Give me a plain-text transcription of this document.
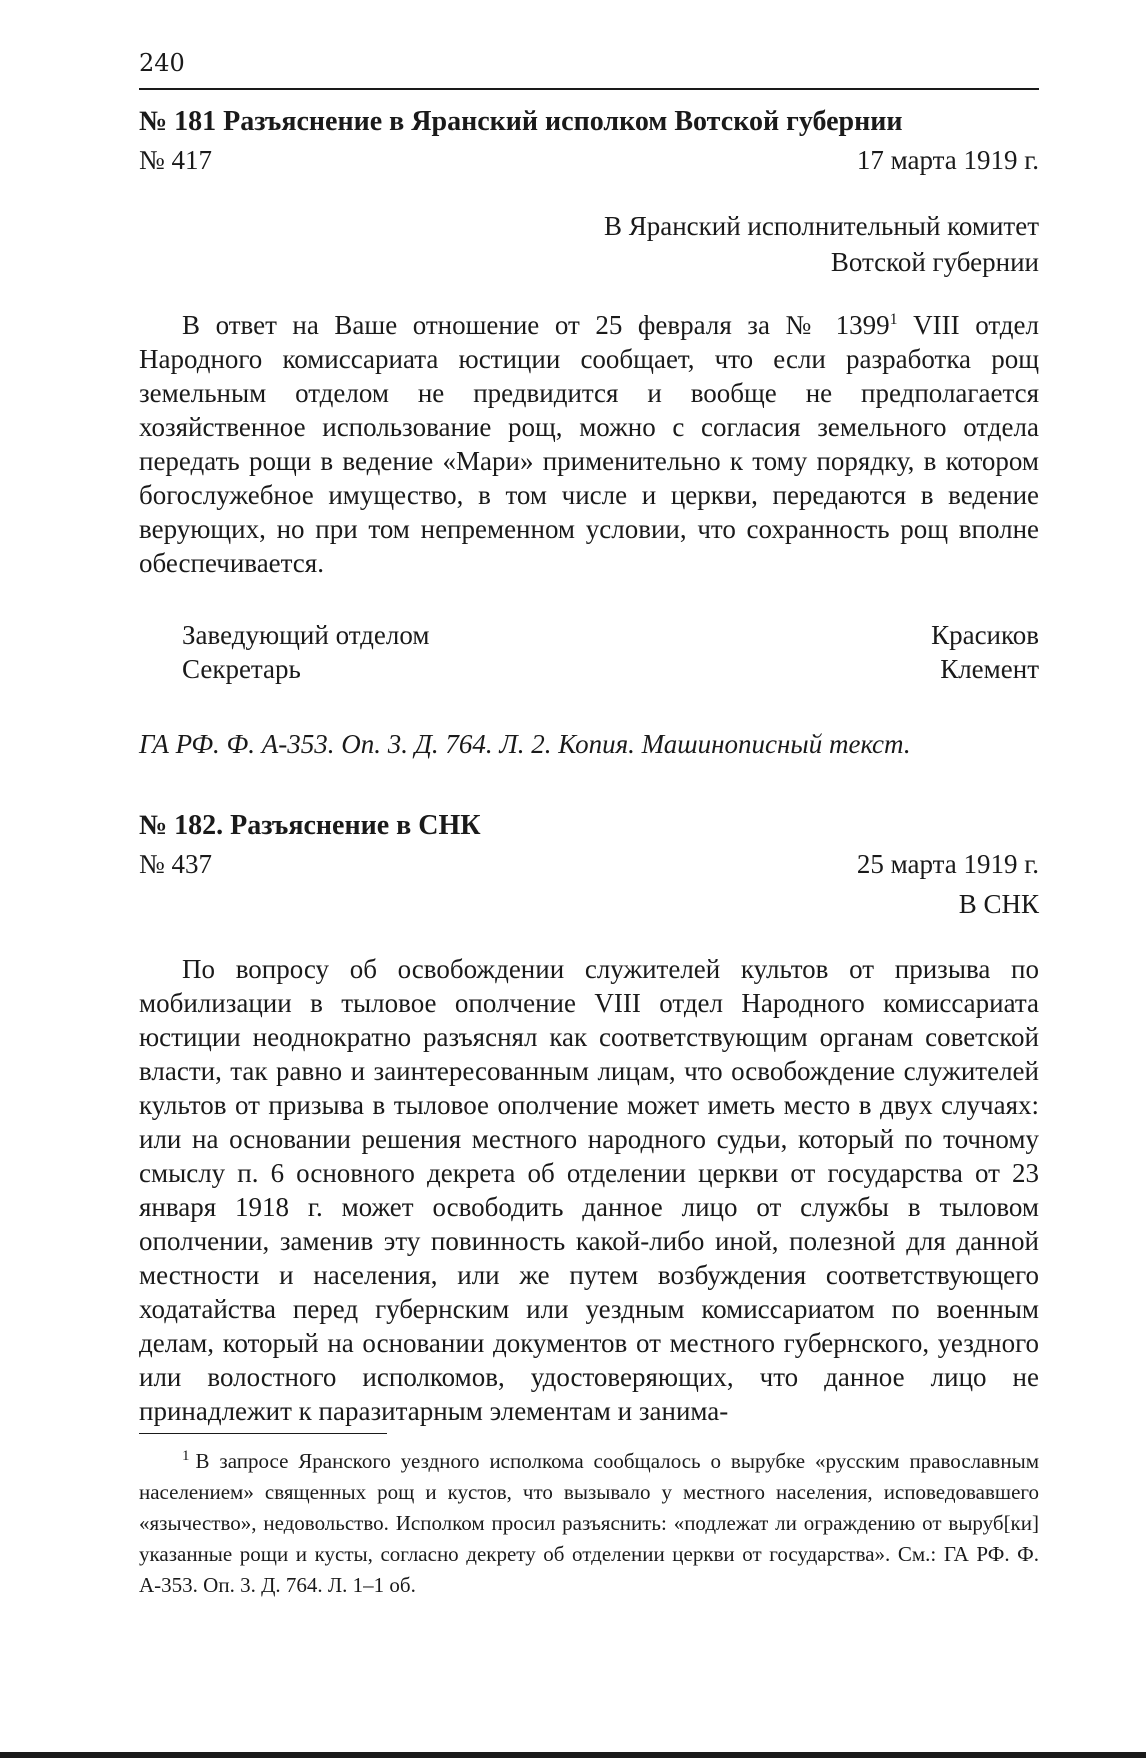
240
№ 181 Разъяснение в Яранский исполком Вотской губернии
№ 417	17 марта 1919 г.
В Яранский исполнительный комитет
Вотской губернии

В ответ на Ваше отношение от 25 февраля за № 1399$^1$ VIII отдел Народного комиссариата юстиции сообщает, что если разработка рощ земельным отделом не предвидится и вообще не предполагается хозяйственное использование рощ, можно с согласия земельного отдела передать рощи в ведение «Мари» применительно к тому порядку, в котором богослужебное имущество, в том числе и церкви, передаются в ведение верующих, но при том непременном условии, что сохранность рощ вполне обеспечивается.

Заведующий отделом	Красиков
Секретарь	Клемент
ГА РФ. Ф. А-353. Оп. 3. Д. 764. Л. 2. Копия. Машинописный текст.
№ 182. Разъяснение в СНК
№ 437	25 марта 1919 г.
В СНК

По вопросу об освобождении служителей культов от призыва по мобилизации в тыловое ополчение VIII отдел Народного комиссариата юстиции неоднократно разъяснял как соответствующим органам советской власти, так равно и заинтересованным лицам, что освобождение служителей культов от призыва в тыловое ополчение может иметь место в двух случаях: или на основании решения местного народного судьи, который по точному смыслу п. 6 основного декрета об отделении церкви от государства от 23 января 1918 г. может освободить данное лицо от службы в тыловом ополчении, заменив эту повинность какой-либо иной, полезной для данной местности и населения, или же путем возбуждения соответствующего ходатайства перед губернским или уездным комиссариатом по военным делам, который на основании документов от местного губернского, уездного или волостного исполкомов, удостоверяющих, что данное лицо не принадлежит к паразитарным элементам и занима-

$^1$ В запросе Яранского уездного исполкома сообщалось о вырубке «русским православным населением» священных рощ и кустов, что вызывало у местного населения, исповедовавшего «язычество», недовольство. Исполком просил разъяснить: «подлежат ли ограждению от выруб[ки] указанные рощи и кусты, согласно декрету об отделении церкви от государства». См.: ГА РФ. Ф. А-353. Оп. 3. Д. 764. Л. 1–1 об.
